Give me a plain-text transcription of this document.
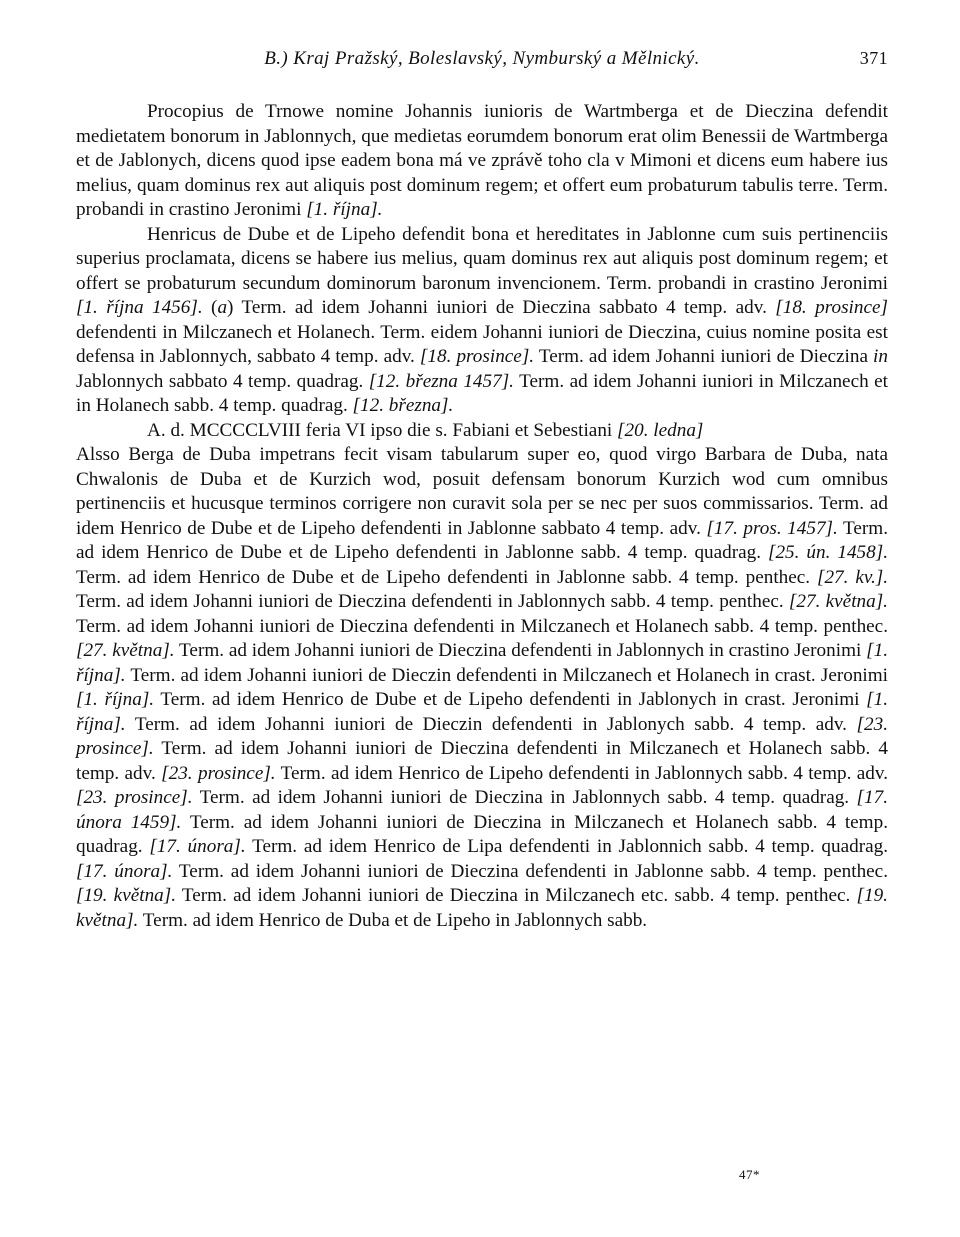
B.) Kraj Pražský, Boleslavský, Nymburský a Mělnický.	371

Procopius de Trnowe nomine Johannis iunioris de Wartmberga et de Dieczina defendit medietatem bonorum in Jablonnych, que medietas eorumdem bonorum erat olim Benessii de Wartmberga et de Jablonych, dicens quod ipse eadem bona má ve zprávě toho cla v Mimoni et dicens eum habere ius melius, quam dominus rex aut aliquis post dominum regem; et offert eum probaturum tabulis terre. Term. probandi in crastino Jeronimi [1. října].

Henricus de Dube et de Lipeho defendit bona et hereditates in Jablonne cum suis pertinenciis superius proclamata, dicens se habere ius melius, quam dominus rex aut aliquis post dominum regem; et offert se probaturum secundum dominorum baronum invencionem. Term. probandi in crastino Jeronimi [1. října 1456]. (a) Term. ad idem Johanni iuniori de Dieczina sabbato 4 temp. adv. [18. prosince] defendenti in Milczanech et Holanech. Term. eidem Johanni iuniori de Dieczina, cuius nomine posita est defensa in Jablonnych, sabbato 4 temp. adv. [18. prosince]. Term. ad idem Johanni iuniori de Dieczina in Jablonnych sabbato 4 temp. quadrag. [12. března 1457]. Term. ad idem Johanni iuniori in Milczanech et in Holanech sabb. 4 temp. quadrag. [12. března].

A. d. MCCCCLVIII feria VI ipso die s. Fabiani et Sebestiani [20. ledna]

Alsso Berga de Duba impetrans fecit visam tabularum super eo, quod virgo Barbara de Duba, nata Chwalonis de Duba et de Kurzich wod, posuit defensam bonorum Kurzich wod cum omnibus pertinenciis et hucusque terminos corrigere non curavit sola per se nec per suos commissarios. Term. ad idem Henrico de Dube et de Lipeho defendenti in Jablonne sabbato 4 temp. adv. [17. pros. 1457]. Term. ad idem Henrico de Dube et de Lipeho defendenti in Jablonne sabb. 4 temp. quadrag. [25. ún. 1458]. Term. ad idem Henrico de Dube et de Lipeho defendenti in Jablonne sabb. 4 temp. penthec. [27. kv.]. Term. ad idem Johanni iuniori de Dieczina defendenti in Jablonnych sabb. 4 temp. penthec. [27. května]. Term. ad idem Johanni iuniori de Dieczina defendenti in Milczanech et Holanech sabb. 4 temp. penthec. [27. května]. Term. ad idem Johanni iuniori de Dieczina defendenti in Jablonnych in crastino Jeronimi [1. října]. Term. ad idem Johanni iuniori de Dieczin defendenti in Milczanech et Holanech in crast. Jeronimi [1. října]. Term. ad idem Henrico de Dube et de Lipeho defendenti in Jablonych in crast. Jeronimi [1. října]. Term. ad idem Johanni iuniori de Dieczin defendenti in Jablonych sabb. 4 temp. adv. [23. prosince]. Term. ad idem Johanni iuniori de Dieczina defendenti in Milczanech et Holanech sabb. 4 temp. adv. [23. prosince]. Term. ad idem Henrico de Lipeho defendenti in Jablonnych sabb. 4 temp. adv. [23. prosince]. Term. ad idem Johanni iuniori de Dieczina in Jablonnych sabb. 4 temp. quadrag. [17. února 1459]. Term. ad idem Johanni iuniori de Dieczina in Milczanech et Holanech sabb. 4 temp. quadrag. [17. února]. Term. ad idem Henrico de Lipa defendenti in Jablonnich sabb. 4 temp. quadrag. [17. února]. Term. ad idem Johanni iuniori de Dieczina defendenti in Jablonne sabb. 4 temp. penthec. [19. května]. Term. ad idem Johanni iuniori de Dieczina in Milczanech etc. sabb. 4 temp. penthec. [19. května]. Term. ad idem Henrico de Duba et de Lipeho in Jablonnych sabb.

47*
